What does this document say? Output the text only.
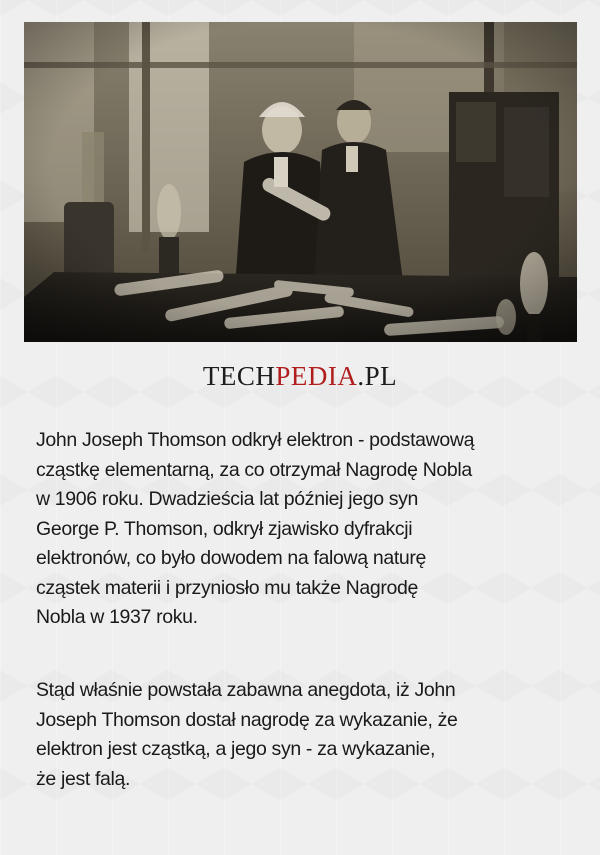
TECHPEDIA.PL
John Joseph Thomson odkrył elektron - podstawową
cząstkę elementarną, za co otrzymał Nagrodę Nobla
w 1906 roku. Dwadzieścia lat później jego syn
George P. Thomson, odkrył zjawisko dyfrakcji
elektronów, co było dowodem na falową naturę
cząstek materii i przyniosło mu także Nagrodę
Nobla w 1937 roku.
Stąd właśnie powstała zabawna anegdota, iż John
Joseph Thomson dostał nagrodę za wykazanie, że
elektron jest cząstką, a jego syn - za wykazanie,
że jest falą.
